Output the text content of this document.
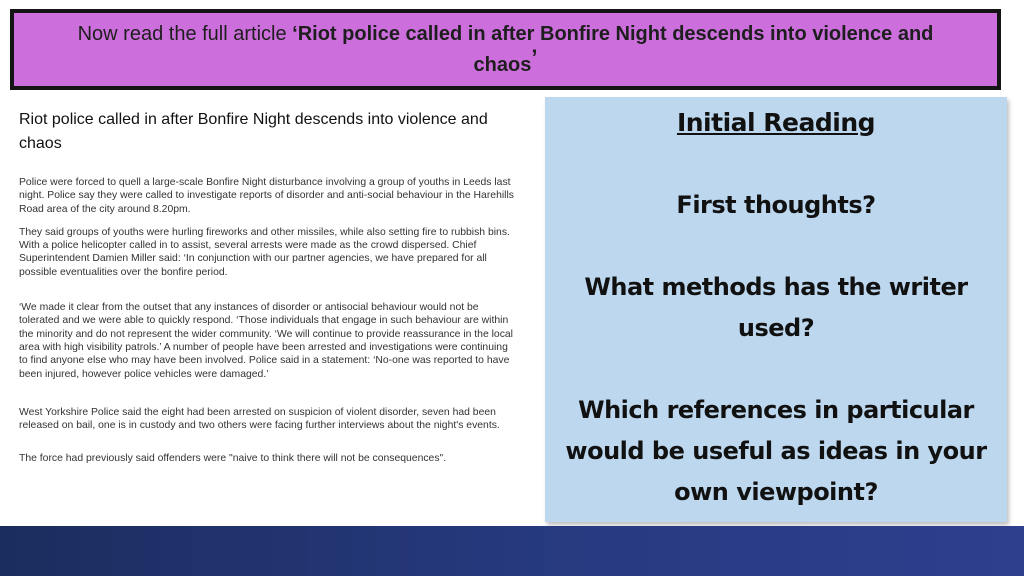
Now read the full article ‘Riot police called in after Bonfire Night descends into violence and chaos’
Riot police called in after Bonfire Night descends into violence and chaos

Police were forced to quell a large-scale Bonfire Night disturbance involving a group of youths in Leeds last night. Police say they were called to investigate reports of disorder and anti-social behaviour in the Harehills Road area of the city around 8.20pm.

They said groups of youths were hurling fireworks and other missiles, while also setting fire to rubbish bins. With a police helicopter called in to assist, several arrests were made as the crowd dispersed. Chief Superintendent Damien Miller said: ‘In conjunction with our partner agencies, we have prepared for all possible eventualities over the bonfire period.

‘We made it clear from the outset that any instances of disorder or antisocial behaviour would not be tolerated and we were able to quickly respond. ‘Those individuals that engage in such behaviour are within the minority and do not represent the wider community. ‘We will continue to provide reassurance in the local area with high visibility patrols.’ A number of people have been arrested and investigations were continuing to find anyone else who may have been involved. Police said in a statement: ‘No-one was reported to have been injured, however police vehicles were damaged.’

West Yorkshire Police said the eight had been arrested on suspicion of violent disorder, seven had been released on bail, one is in custody and two others were facing further interviews about the night's events.

The force had previously said offenders were "naive to think there will not be consequences".

Initial Reading
First thoughts?
What methods has the writer used?
Which references in particular would be useful as ideas in your own viewpoint?
